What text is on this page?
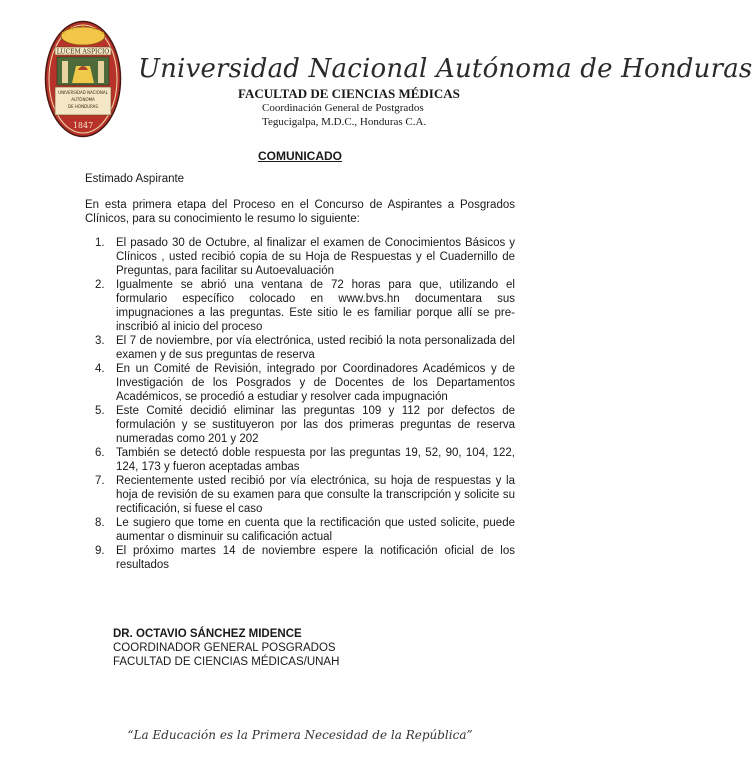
LUCEM ASPICIO
UNIVERSIDAD NACIONAL
AUTÓNOMA
DE HONDURAS
1847
Universidad Nacional Autónoma de Honduras
FACULTAD DE CIENCIAS MÉDICAS
Coordinación General de Postgrados
Tegucigalpa, M.D.C., Honduras C.A.
COMUNICADO
Estimado Aspirante
En esta primera etapa del Proceso en el Concurso de Aspirantes a Posgrados Clínicos, para su conocimiento le resumo lo siguiente:
1. El pasado 30 de Octubre, al finalizar el examen de Conocimientos Básicos y Clínicos , usted recibió copia de su Hoja de Respuestas y el Cuadernillo de Preguntas, para facilitar su Autoevaluación
2. Igualmente se abrió una ventana de 72 horas para que, utilizando el formulario específico colocado en www.bvs.hn documentara sus impugnaciones a las preguntas. Este sitio le es familiar porque allí se pre-inscribió al inicio del proceso
3. El 7 de noviembre, por vía electrónica, usted recibió la nota personalizada del examen y de sus preguntas de reserva
4. En un Comité de Revisión, integrado por Coordinadores Académicos y de Investigación de los Posgrados y de Docentes de los Departamentos Académicos, se procedió a estudiar y resolver cada impugnación
5. Este Comité decidió eliminar las preguntas 109 y 112 por defectos de formulación y se sustituyeron por las dos primeras preguntas de reserva numeradas como 201 y 202
6. También se detectó doble respuesta por las preguntas 19, 52, 90, 104, 122, 124, 173 y fueron aceptadas ambas
7. Recientemente usted recibió por vía electrónica, su hoja de respuestas y la hoja de revisión de su examen para que consulte la transcripción y solicite su rectificación, si fuese el caso
8. Le sugiero que tome en cuenta que la rectificación que usted solicite, puede aumentar o disminuir su calificación actual
9. El próximo martes 14 de noviembre espere la notificación oficial de los resultados
DR. OCTAVIO SÁNCHEZ MIDENCE
COORDINADOR GENERAL POSGRADOS
FACULTAD DE CIENCIAS MÉDICAS/UNAH
“La Educación es la Primera Necesidad de la República”
